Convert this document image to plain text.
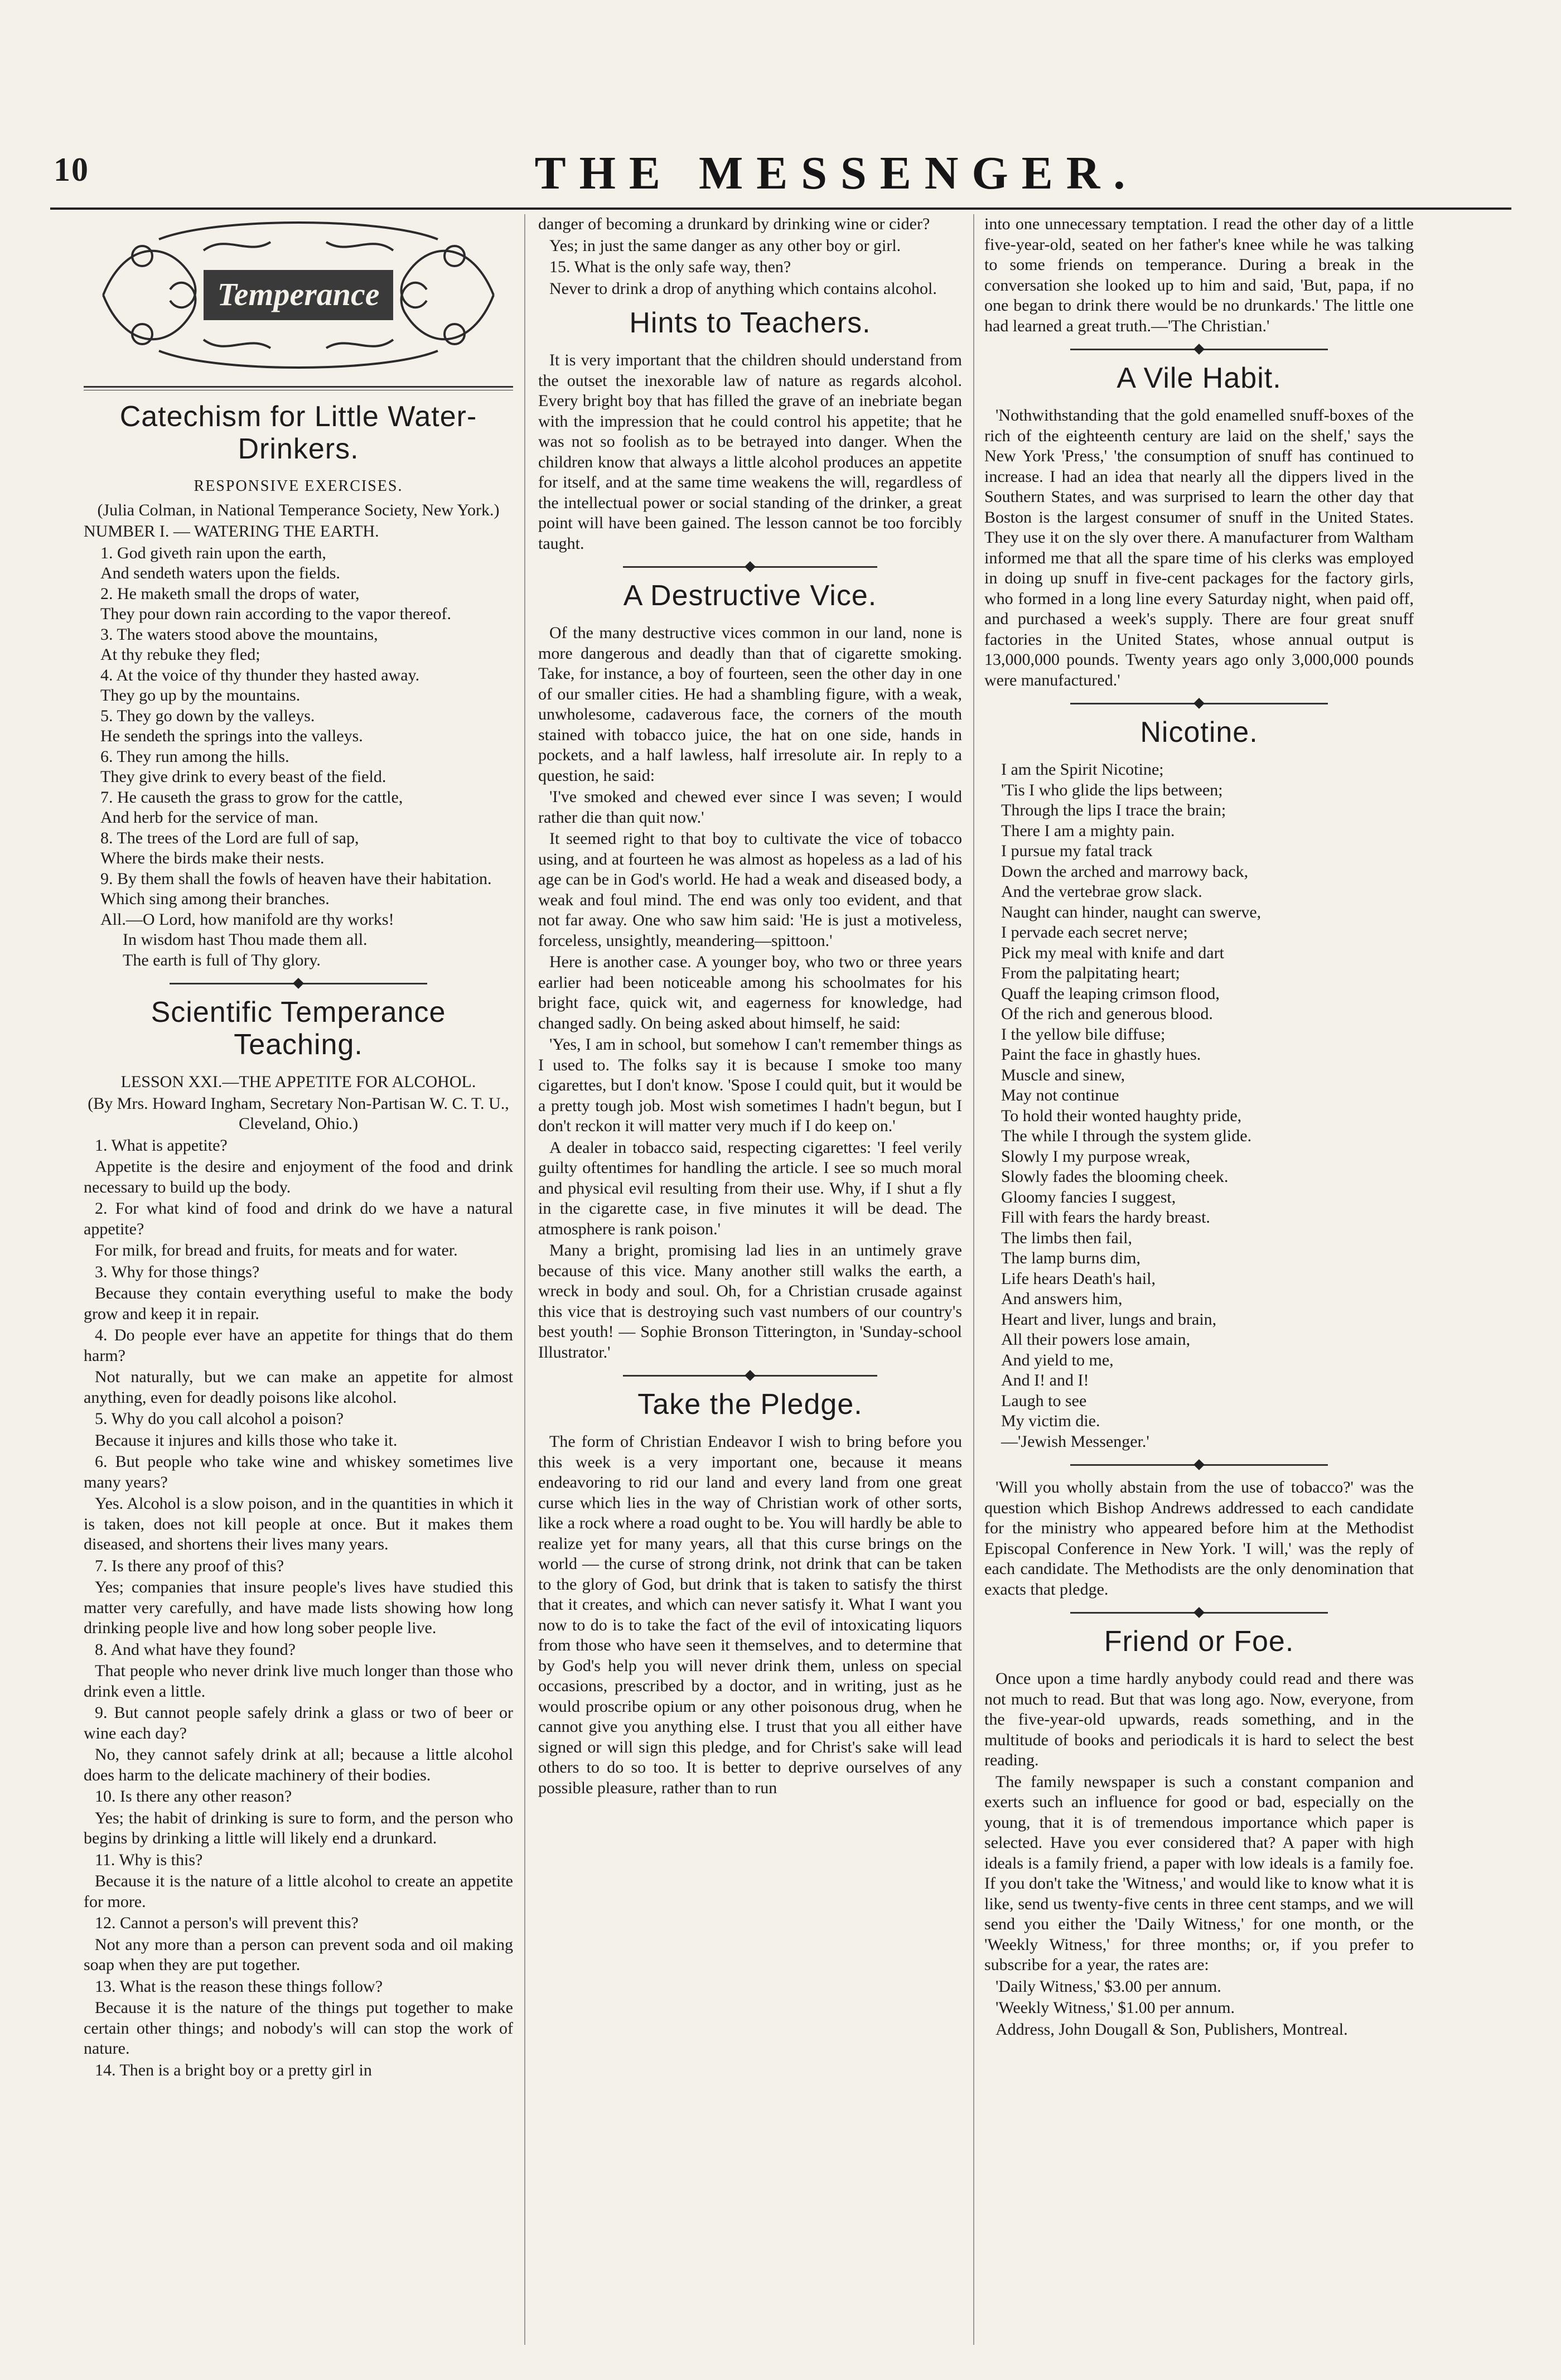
10	THE MESSENGER.
Temperance
Catechism for Little Water-Drinkers.

RESPONSIVE EXERCISES.

(Julia Colman, in National Temperance Society, New York.)

NUMBER I. — WATERING THE EARTH.

1. God giveth rain upon the earth,
And sendeth waters upon the fields.
2. He maketh small the drops of water,
They pour down rain according to the vapor thereof.
3. The waters stood above the mountains,
At thy rebuke they fled;
4. At the voice of thy thunder they hasted away.
They go up by the mountains.
5. They go down by the valleys.
He sendeth the springs into the valleys.
6. They run among the hills.
They give drink to every beast of the field.
7. He causeth the grass to grow for the cattle,
And herb for the service of man.
8. The trees of the Lord are full of sap,
Where the birds make their nests.
9. By them shall the fowls of heaven have their habitation.
Which sing among their branches.
All.—O Lord, how manifold are thy works!
In wisdom hast Thou made them all.
The earth is full of Thy glory.
Scientific Temperance Teaching.

LESSON XXI.—THE APPETITE FOR ALCOHOL.

(By Mrs. Howard Ingham, Secretary Non-Partisan W. C. T. U., Cleveland, Ohio.)

1. What is appetite?

Appetite is the desire and enjoyment of the food and drink necessary to build up the body.

2. For what kind of food and drink do we have a natural appetite?

For milk, for bread and fruits, for meats and for water.

3. Why for those things?

Because they contain everything useful to make the body grow and keep it in repair.

4. Do people ever have an appetite for things that do them harm?

Not naturally, but we can make an appetite for almost anything, even for deadly poisons like alcohol.

5. Why do you call alcohol a poison?

Because it injures and kills those who take it.

6. But people who take wine and whiskey sometimes live many years?

Yes. Alcohol is a slow poison, and in the quantities in which it is taken, does not kill people at once. But it makes them diseased, and shortens their lives many years.

7. Is there any proof of this?

Yes; companies that insure people's lives have studied this matter very carefully, and have made lists showing how long drinking people live and how long sober people live.

8. And what have they found?

That people who never drink live much longer than those who drink even a little.

9. But cannot people safely drink a glass or two of beer or wine each day?

No, they cannot safely drink at all; because a little alcohol does harm to the delicate machinery of their bodies.

10. Is there any other reason?

Yes; the habit of drinking is sure to form, and the person who begins by drinking a little will likely end a drunkard.

11. Why is this?

Because it is the nature of a little alcohol to create an appetite for more.

12. Cannot a person's will prevent this?

Not any more than a person can prevent soda and oil making soap when they are put together.

13. What is the reason these things follow?

Because it is the nature of the things put together to make certain other things; and nobody's will can stop the work of nature.

14. Then is a bright boy or a pretty girl in

danger of becoming a drunkard by drinking wine or cider?

Yes; in just the same danger as any other boy or girl.

15. What is the only safe way, then?

Never to drink a drop of anything which contains alcohol.

Hints to Teachers.

It is very important that the children should understand from the outset the inexorable law of nature as regards alcohol. Every bright boy that has filled the grave of an inebriate began with the impression that he could control his appetite; that he was not so foolish as to be betrayed into danger. When the children know that always a little alcohol produces an appetite for itself, and at the same time weakens the will, regardless of the intellectual power or social standing of the drinker, a great point will have been gained. The lesson cannot be too forcibly taught.

A Destructive Vice.

Of the many destructive vices common in our land, none is more dangerous and deadly than that of cigarette smoking. Take, for instance, a boy of fourteen, seen the other day in one of our smaller cities. He had a shambling figure, with a weak, unwholesome, cadaverous face, the corners of the mouth stained with tobacco juice, the hat on one side, hands in pockets, and a half lawless, half irresolute air. In reply to a question, he said:

'I've smoked and chewed ever since I was seven; I would rather die than quit now.'

It seemed right to that boy to cultivate the vice of tobacco using, and at fourteen he was almost as hopeless as a lad of his age can be in God's world. He had a weak and diseased body, a weak and foul mind. The end was only too evident, and that not far away. One who saw him said: 'He is just a motiveless, forceless, unsightly, meandering—spittoon.'

Here is another case. A younger boy, who two or three years earlier had been noticeable among his schoolmates for his bright face, quick wit, and eagerness for knowledge, had changed sadly. On being asked about himself, he said:

'Yes, I am in school, but somehow I can't remember things as I used to. The folks say it is because I smoke too many cigarettes, but I don't know. 'Spose I could quit, but it would be a pretty tough job. Most wish sometimes I hadn't begun, but I don't reckon it will matter very much if I do keep on.'

A dealer in tobacco said, respecting cigarettes: 'I feel verily guilty oftentimes for handling the article. I see so much moral and physical evil resulting from their use. Why, if I shut a fly in the cigarette case, in five minutes it will be dead. The atmosphere is rank poison.'

Many a bright, promising lad lies in an untimely grave because of this vice. Many another still walks the earth, a wreck in body and soul. Oh, for a Christian crusade against this vice that is destroying such vast numbers of our country's best youth! — Sophie Bronson Titterington, in 'Sunday-school Illustrator.'

Take the Pledge.

The form of Christian Endeavor I wish to bring before you this week is a very important one, because it means endeavoring to rid our land and every land from one great curse which lies in the way of Christian work of other sorts, like a rock where a road ought to be. You will hardly be able to realize yet for many years, all that this curse brings on the world — the curse of strong drink, not drink that can be taken to the glory of God, but drink that is taken to satisfy the thirst that it creates, and which can never satisfy it. What I want you now to do is to take the fact of the evil of intoxicating liquors from those who have seen it themselves, and to determine that by God's help you will never drink them, unless on special occasions, prescribed by a doctor, and in writing, just as he would proscribe opium or any other poisonous drug, when he cannot give you anything else. I trust that you all either have signed or will sign this pledge, and for Christ's sake will lead others to do so too. It is better to deprive ourselves of any possible pleasure, rather than to run

into one unnecessary temptation. I read the other day of a little five-year-old, seated on her father's knee while he was talking to some friends on temperance. During a break in the conversation she looked up to him and said, 'But, papa, if no one began to drink there would be no drunkards.' The little one had learned a great truth.—'The Christian.'

A Vile Habit.

'Nothwithstanding that the gold enamelled snuff-boxes of the rich of the eighteenth century are laid on the shelf,' says the New York 'Press,' 'the consumption of snuff has continued to increase. I had an idea that nearly all the dippers lived in the Southern States, and was surprised to learn the other day that Boston is the largest consumer of snuff in the United States. They use it on the sly over there. A manufacturer from Waltham informed me that all the spare time of his clerks was employed in doing up snuff in five-cent packages for the factory girls, who formed in a long line every Saturday night, when paid off, and purchased a week's supply. There are four great snuff factories in the United States, whose annual output is 13,000,000 pounds. Twenty years ago only 3,000,000 pounds were manufactured.'

Nicotine.
I am the Spirit Nicotine;
'Tis I who glide the lips between;
Through the lips I trace the brain;
There I am a mighty pain.
I pursue my fatal track
Down the arched and marrowy back,
And the vertebrae grow slack.
Naught can hinder, naught can swerve,
I pervade each secret nerve;
Pick my meal with knife and dart
From the palpitating heart;
Quaff the leaping crimson flood,
Of the rich and generous blood.
I the yellow bile diffuse;
Paint the face in ghastly hues.
Muscle and sinew,
May not continue
To hold their wonted haughty pride,
The while I through the system glide.
Slowly I my purpose wreak,
Slowly fades the blooming cheek.
Gloomy fancies I suggest,
Fill with fears the hardy breast.
The limbs then fail,
The lamp burns dim,
Life hears Death's hail,
And answers him,
Heart and liver, lungs and brain,
All their powers lose amain,
And yield to me,
And I! and I!
Laugh to see
My victim die.
—'Jewish Messenger.'

'Will you wholly abstain from the use of tobacco?' was the question which Bishop Andrews addressed to each candidate for the ministry who appeared before him at the Methodist Episcopal Conference in New York. 'I will,' was the reply of each candidate. The Methodists are the only denomination that exacts that pledge.

Friend or Foe.

Once upon a time hardly anybody could read and there was not much to read. But that was long ago. Now, everyone, from the five-year-old upwards, reads something, and in the multitude of books and periodicals it is hard to select the best reading.

The family newspaper is such a constant companion and exerts such an influence for good or bad, especially on the young, that it is of tremendous importance which paper is selected. Have you ever considered that? A paper with high ideals is a family friend, a paper with low ideals is a family foe. If you don't take the 'Witness,' and would like to know what it is like, send us twenty-five cents in three cent stamps, and we will send you either the 'Daily Witness,' for one month, or the 'Weekly Witness,' for three months; or, if you prefer to subscribe for a year, the rates are:

'Daily Witness,' $3.00 per annum.

'Weekly Witness,' $1.00 per annum.

Address, John Dougall & Son, Publishers, Montreal.
